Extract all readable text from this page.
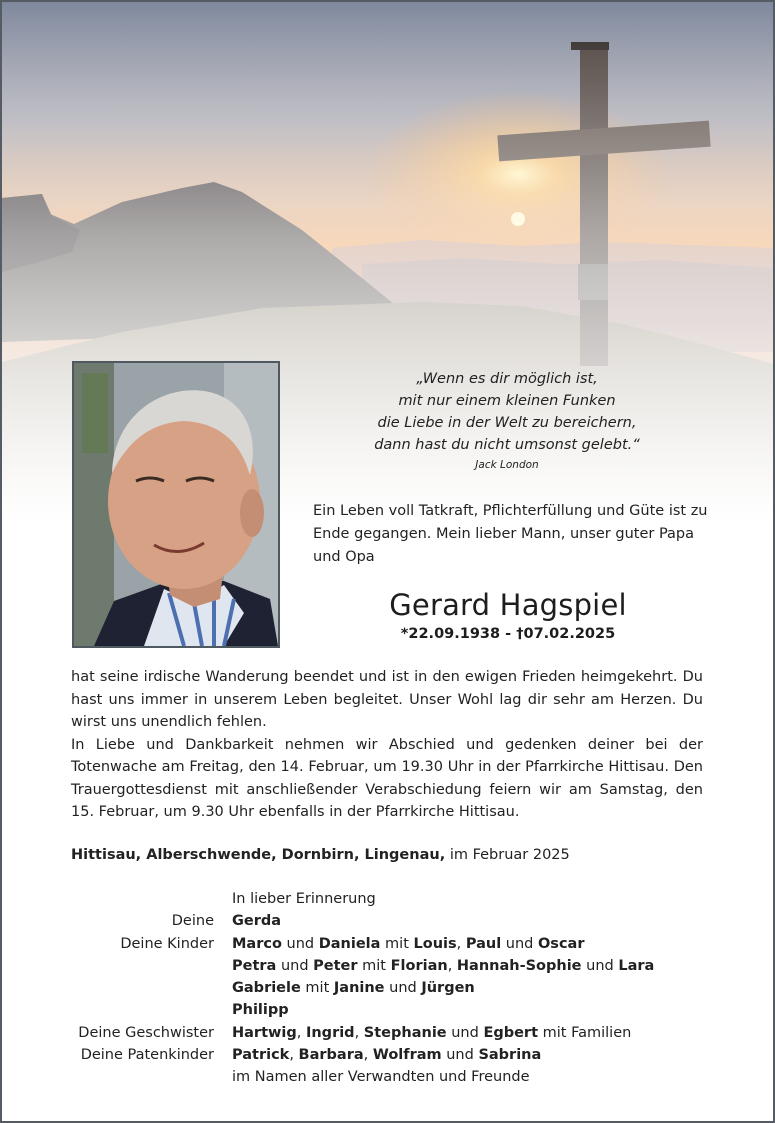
„Wenn es dir möglich ist,
mit nur einem kleinen Funken
die Liebe in der Welt zu bereichern,
dann hast du nicht umsonst gelebt.“
Jack London
Ein Leben voll Tatkraft, Pflichterfüllung und Güte ist zu Ende gegangen. Mein lieber Mann, unser guter Papa und Opa
Gerard Hagspiel
*22.09.1938 - †07.02.2025

hat seine irdische Wanderung beendet und ist in den ewigen Frieden heimgekehrt. Du hast uns immer in unserem Leben begleitet. Unser Wohl lag dir sehr am Herzen. Du wirst uns unendlich fehlen.

In Liebe und Dankbarkeit nehmen wir Abschied und gedenken deiner bei der Totenwache am Freitag, den 14. Februar, um 19.30 Uhr in der Pfarrkirche Hittisau. Den Trauergottesdienst mit anschließender Verabschiedung feiern wir am Samstag, den 15. Februar, um 9.30 Uhr ebenfalls in der Pfarrkirche Hittisau.

Hittisau, Alberschwende, Dornbirn, Lingenau, im Februar 2025
In lieber Erinnerung
Deine	Gerda
Deine Kinder	Marco und Daniela mit Louis, Paul und Oscar
Petra und Peter mit Florian, Hannah-Sophie und Lara
Gabriele mit Janine und Jürgen
Philipp
Deine Geschwister	Hartwig, Ingrid, Stephanie und Egbert mit Familien
Deine Patenkinder	Patrick, Barbara, Wolfram und Sabrina
im Namen aller Verwandten und Freunde
